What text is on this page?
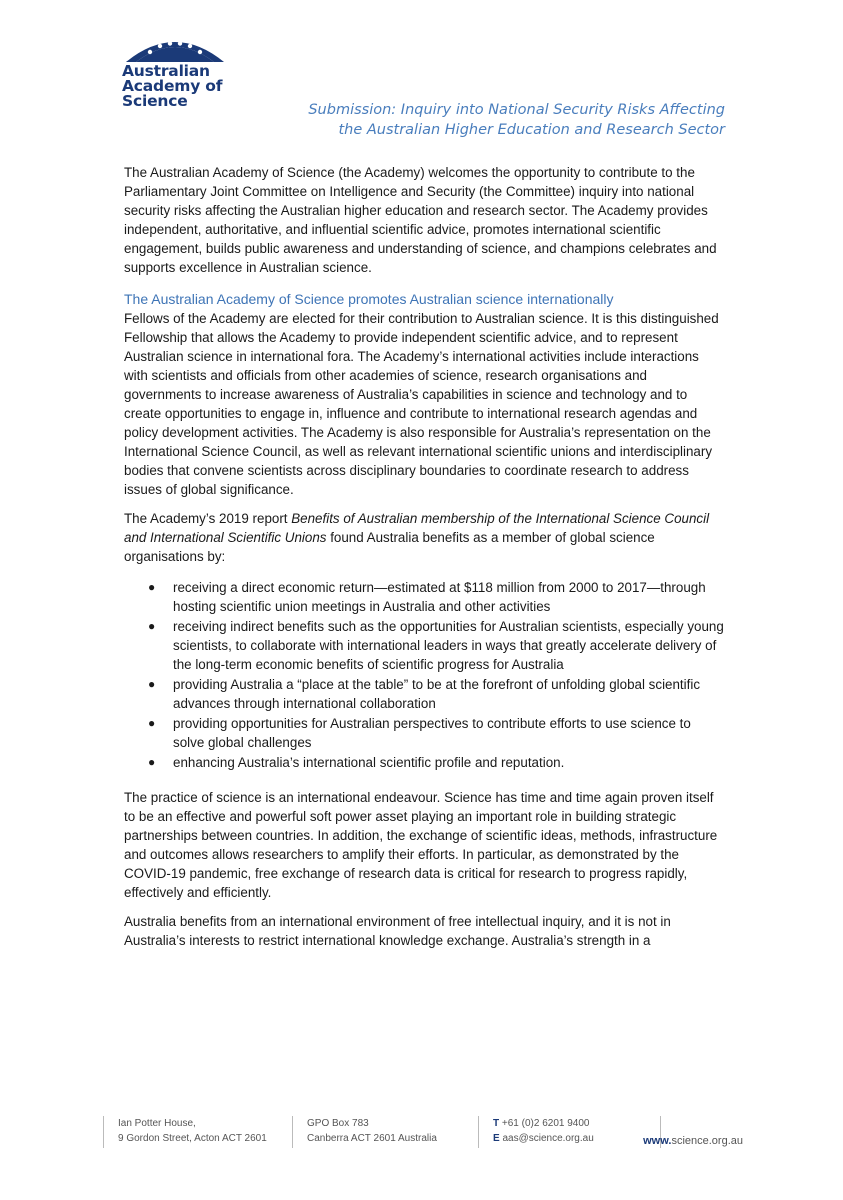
Australian
Academy of
Science	Submission: Inquiry into National Security Risks Affecting
the Australian Higher Education and Research Sector

The Australian Academy of Science (the Academy) welcomes the opportunity to contribute to the Parliamentary Joint Committee on Intelligence and Security (the Committee) inquiry into national security risks affecting the Australian higher education and research sector. The Academy provides independent, authoritative, and influential scientific advice, promotes international scientific engagement, builds public awareness and understanding of science, and champions celebrates and supports excellence in Australian science.

The Australian Academy of Science promotes Australian science internationally

Fellows of the Academy are elected for their contribution to Australian science. It is this distinguished Fellowship that allows the Academy to provide independent scientific advice, and to represent Australian science in international fora. The Academy’s international activities include interactions with scientists and officials from other academies of science, research organisations and governments to increase awareness of Australia’s capabilities in science and technology and to create opportunities to engage in, influence and contribute to international research agendas and policy development activities. The Academy is also responsible for Australia’s representation on the International Science Council, as well as relevant international scientific unions and interdisciplinary bodies that convene scientists across disciplinary boundaries to coordinate research to address issues of global significance.

The Academy’s 2019 report Benefits of Australian membership of the International Science Council and International Scientific Unions found Australia benefits as a member of global science organisations by:

● receiving a direct economic return—estimated at $118 million from 2000 to 2017—through hosting scientific union meetings in Australia and other activities
● receiving indirect benefits such as the opportunities for Australian scientists, especially young scientists, to collaborate with international leaders in ways that greatly accelerate delivery of the long-term economic benefits of scientific progress for Australia
● providing Australia a “place at the table” to be at the forefront of unfolding global scientific advances through international collaboration
● providing opportunities for Australian perspectives to contribute efforts to use science to solve global challenges
● enhancing Australia’s international scientific profile and reputation.

The practice of science is an international endeavour. Science has time and time again proven itself to be an effective and powerful soft power asset playing an important role in building strategic partnerships between countries. In addition, the exchange of scientific ideas, methods, infrastructure and outcomes allows researchers to amplify their efforts. In particular, as demonstrated by the COVID-19 pandemic, free exchange of research data is critical for research to progress rapidly, effectively and efficiently.

Australia benefits from an international environment of free intellectual inquiry, and it is not in Australia’s interests to restrict international knowledge exchange. Australia’s strength in a

Ian Potter House,
9 Gordon Street, Acton ACT 2601
GPO Box 783
Canberra ACT 2601 Australia
T +61 (0)2 6201 9400
E aas@science.org.au	www.science.org.au
